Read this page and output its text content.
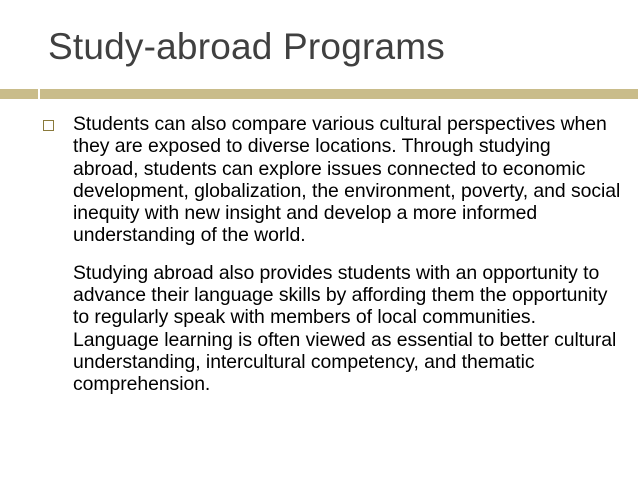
Study-abroad Programs

Students can also compare various cultural perspectives when they are exposed to diverse locations. Through studying abroad, students can explore issues connected to economic development, globalization, the environment, poverty, and social inequity with new insight and develop a more informed understanding of the world.

Studying abroad also provides students with an opportunity to advance their language skills by affording them the opportunity to regularly speak with members of local communities. Language learning is often viewed as essential to better cultural understanding, intercultural competency, and thematic comprehension.
